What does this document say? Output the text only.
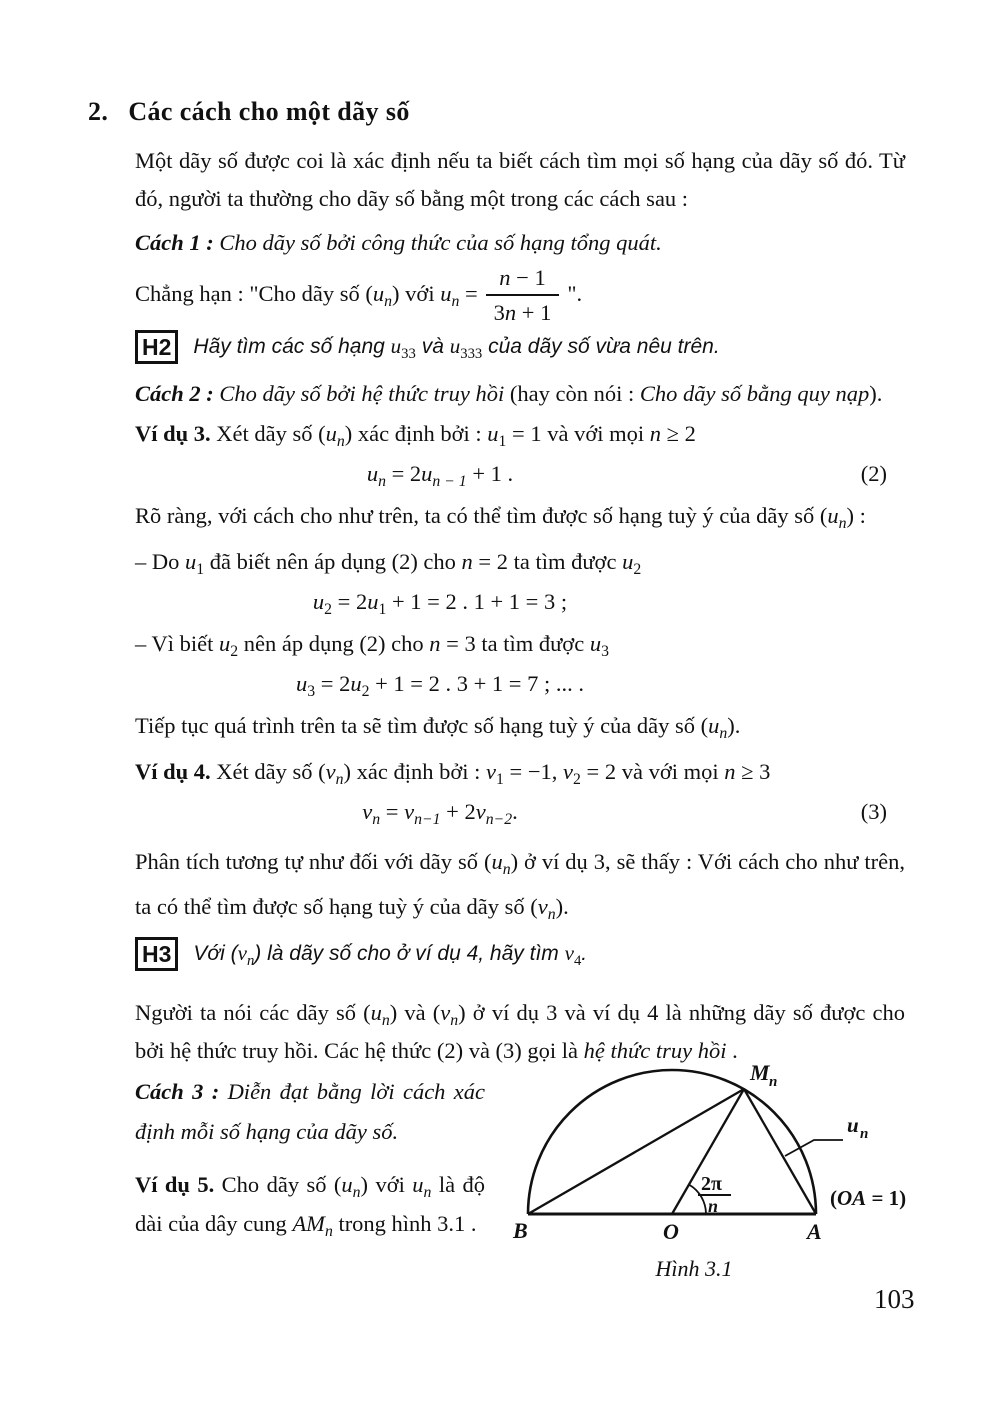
2. Các cách cho một dãy số

Một dãy số được coi là xác định nếu ta biết cách tìm mọi số hạng của dãy số đó. Từ đó, người ta thường cho dãy số bằng một trong các cách sau :

Cách 1 : Cho dãy số bởi công thức của số hạng tổng quát.

Chẳng hạn : "Cho dãy số $(u_n)$ với $u_n = \frac{n - 1}{3n + 1}$ ".
H2	Hãy tìm các số hạng $u_{33}$ và $u_{333}$ của dãy số vừa nêu trên.

Cách 2 : Cho dãy số bởi hệ thức truy hồi (hay còn nói : Cho dãy số bằng quy nạp).

Ví dụ 3. Xét dãy số $(u_n)$ xác định bởi : $u_1 = 1$ và với mọi n ≥ 2

$u_n = 2u_{n - 1} + 1$ .	(2)

Rõ ràng, với cách cho như trên, ta có thể tìm được số hạng tuỳ ý của dãy số $(u_n)$ :

– Do $u_1$ đã biết nên áp dụng (2) cho n = 2 ta tìm được $u_2$

$u_2 = 2u_1 + 1 = 2$ . 1 + 1 = 3 ;

– Vì biết $u_2$ nên áp dụng (2) cho n = 3 ta tìm được $u_3$

$u_3 = 2u_2 + 1 = 2$ . 3 + 1 = 7 ; ... .

Tiếp tục quá trình trên ta sẽ tìm được số hạng tuỳ ý của dãy số $(u_n)$.

Ví dụ 4. Xét dãy số $(v_n)$ xác định bởi : $v_1 = -1$, $v_2 = 2$ và với mọi n ≥ 3

$v_n = v_{n-1} + 2v_{n-2}$.	(3)

Phân tích tương tự như đối với dãy số $(u_n)$ ở ví dụ 3, sẽ thấy : Với cách cho như trên, ta có thể tìm được số hạng tuỳ ý của dãy số $(v_n)$.

H3	Với $(v_n)$ là dãy số cho ở ví dụ 4, hãy tìm $v_4$.

Người ta nói các dãy số $(u_n)$ và $(v_n)$ ở ví dụ 3 và ví dụ 4 là những dãy số được cho bởi hệ thức truy hồi. Các hệ thức (2) và (3) gọi là hệ thức truy hồi .

Cách 3 : Diễn đạt bằng lời cách xác định mỗi số hạng của dãy số.

Ví dụ 5. Cho dãy số $(u_n)$ với $u_n$ là độ dài của dây cung $AM_n$ trong hình 3.1 .	B	O	A
M n
u n
2π
n	(OA = 1)
Hình 3.1
103
